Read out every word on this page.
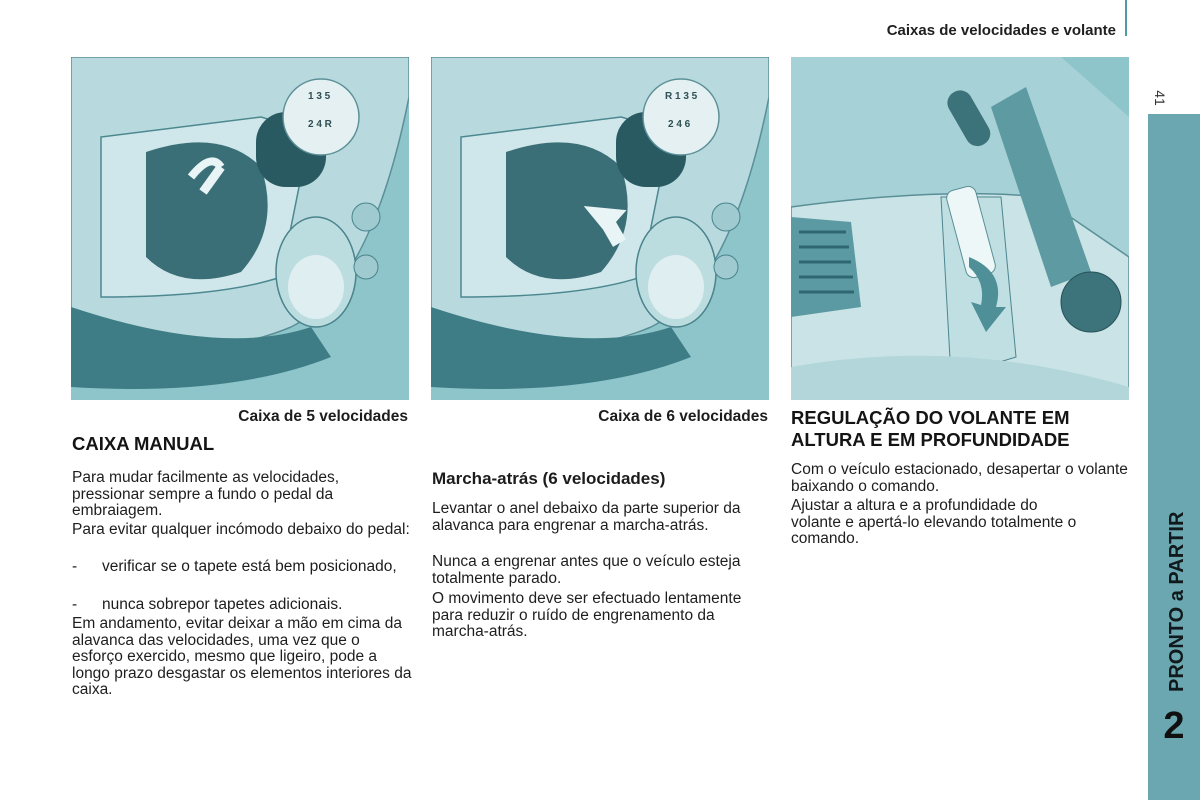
Caixas de velocidades e volante
41
PRONTO a PARTIR
2
1 3 5
2 4 R
R 1 3 5
2 4 6
Caixa de 5 velocidades	Caixa de 6 velocidades
CAIXA MANUAL

Para mudar facilmente as velocidades, pressionar sempre a fundo o pedal da embraiagem.

Para evitar qualquer incómodo debaixo do pedal:

- verificar se o tapete está bem posicionado,
- nunca sobrepor tapetes adicionais.

Em andamento, evitar deixar a mão em cima da alavanca das velocidades, uma vez que o esforço exercido, mesmo que ligeiro, pode a longo prazo desgastar os elementos interiores da caixa.

Marcha-atrás (6 velocidades)

Levantar o anel debaixo da parte superior da alavanca para engrenar a marcha-atrás.

Nunca a engrenar antes que o veículo esteja totalmente parado.

O movimento deve ser efectuado lentamente para reduzir o ruído de engrenamento da marcha-atrás.

REGULAÇÃO DO VOLANTE EM
ALTURA E EM PROFUNDIDADE

Com o veículo estacionado, desapertar o volante baixando o comando.

Ajustar a altura e a profundidade do volante e apertá-lo elevando totalmente o comando.
